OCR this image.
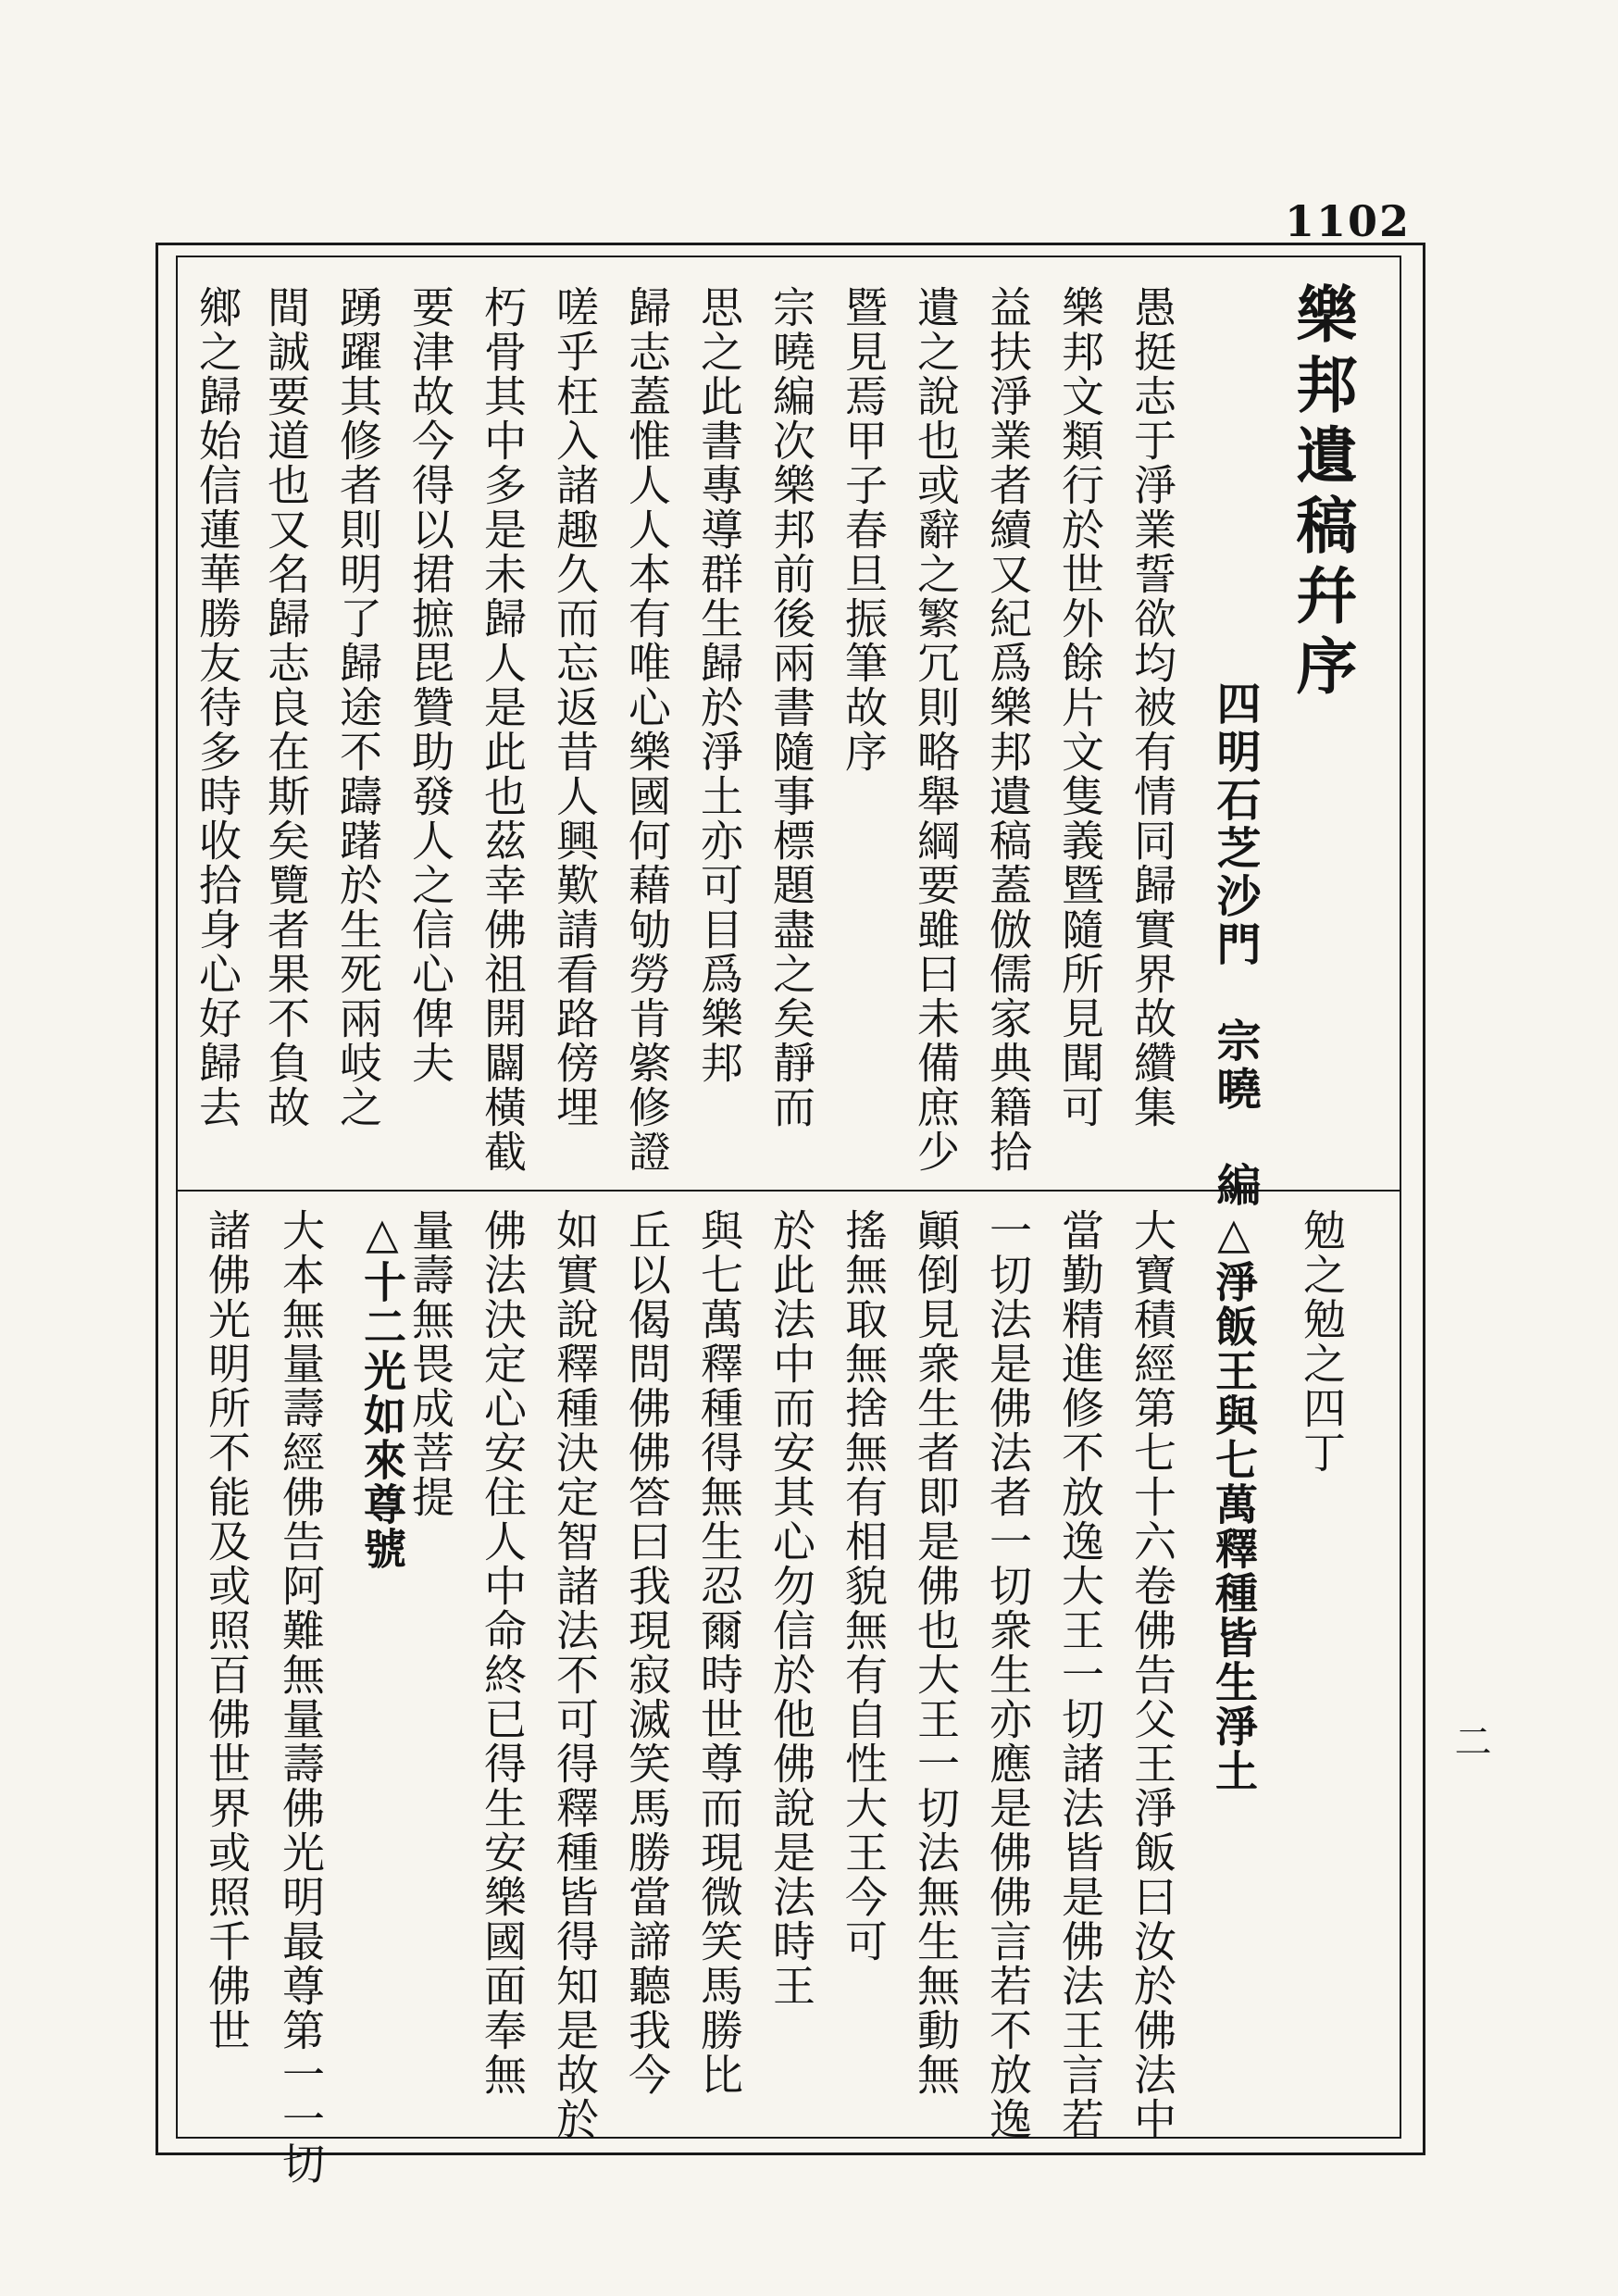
1102
樂邦遺稿幷序
四明石芝沙門　宗曉　編
愚挺志于淨業誓欲均被有情同歸實界故纘集
樂邦文類行於世外餘片文隻義暨隨所見聞可
益扶淨業者續又紀爲樂邦遺稿蓋倣儒家典籍拾
遺之說也或辭之繁冗則略舉綱要雖曰未備庶少
暨見焉甲子春旦振筆故序
宗曉編次樂邦前後兩書隨事標題盡之矣靜而
思之此書專導群生歸於淨土亦可目爲樂邦
歸志蓋惟人人本有唯心樂國何藉劬勞肯綮修證
嗟乎枉入諸趣久而忘返昔人興歎請看路傍埋
朽骨其中多是未歸人是此也茲幸佛祖開闢橫截
要津故今得以捃摭毘贊助發人之信心俾夫
踴躍其修者則明了歸途不躊躇於生死兩岐之
間誠要道也又名歸志良在斯矣覽者果不負故
鄉之歸始信蓮華勝友待多時收拾身心好歸去
勉之勉之四丁
△淨飯王與七萬釋種皆生淨土
大寶積經第七十六卷佛告父王淨飯曰汝於佛法中
當勤精進修不放逸大王一切諸法皆是佛法王言若
一切法是佛法者一切衆生亦應是佛佛言若不放逸
顚倒見衆生者即是佛也大王一切法無生無動無
搖無取無捨無有相貌無有自性大王今可
於此法中而安其心勿信於他佛說是法時王
與七萬釋種得無生忍爾時世尊而現微笑馬勝比
丘以偈問佛佛答曰我現寂滅笑馬勝當諦聽我今
如實說釋種決定智諸法不可得釋種皆得知是故於
佛法決定心安住人中命終已得生安樂國面奉無
量壽無畏成菩提
△十二光如來尊號
大本無量壽經佛告阿難無量壽佛光明最尊第一一切
諸佛光明所不能及或照百佛世界或照千佛世	二
